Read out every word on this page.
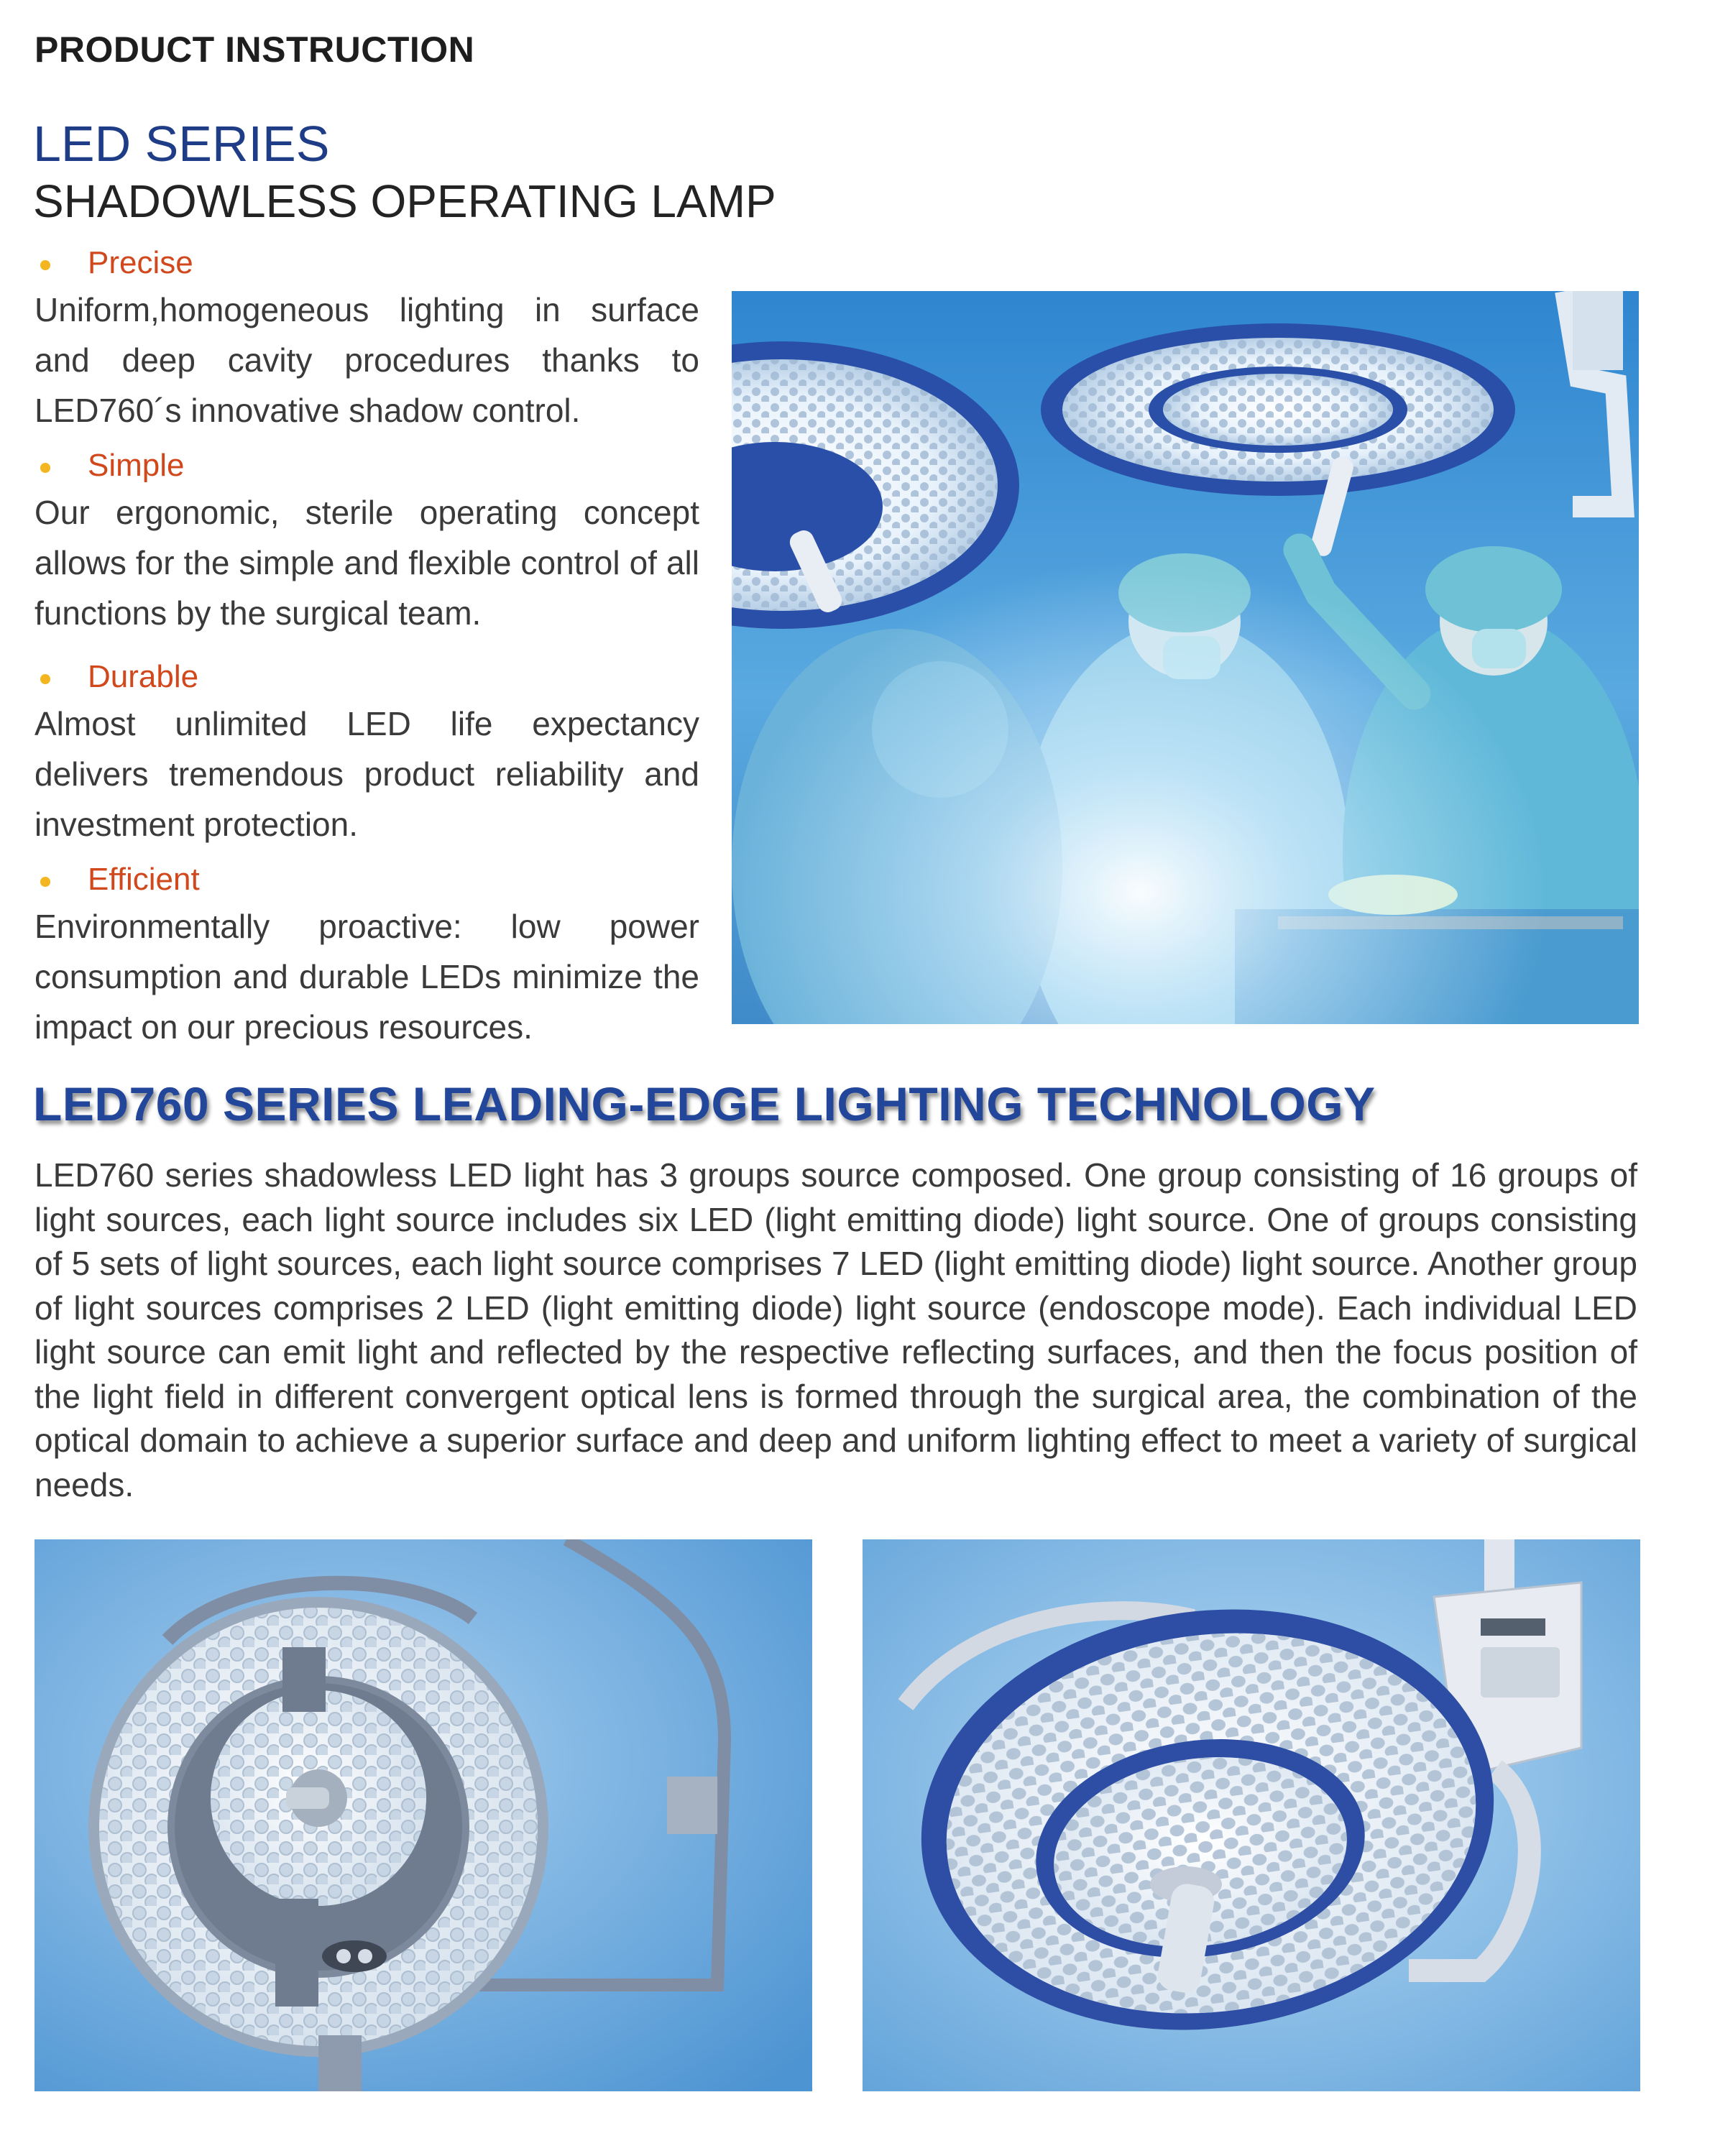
PRODUCT INSTRUCTION
LED SERIES
SHADOWLESS OPERATING LAMP
Precise
Uniform,homogeneous lighting in surface and deep cavity procedures thanks to LED760´s innovative shadow control.
Simple
Our ergonomic, sterile operating concept allows for the simple and flexible control of all functions by the surgical team.
Durable
Almost unlimited LED life expectancy delivers tremendous product reliability and investment protection.
Efficient
Environmentally proactive: low power consumption and durable LEDs minimize the impact on our precious resources.
LED760 SERIES LEADING-EDGE LIGHTING TECHNOLOGY
LED760 series shadowless LED light has 3 groups source composed. One group consisting of 16 groups of light sources, each light source includes six LED (light emitting diode) light source. One of groups consisting of 5 sets of light sources, each light source comprises 7 LED (light emitting diode) light source. Another group of light sources comprises 2 LED (light emitting diode) light source (endoscope mode). Each individual LED light source can emit light and reflected by the respective reflecting surfaces, and then the focus position of the light field in different convergent optical lens is formed through the surgical area, the combination of the optical domain to achieve a superior surface and deep and uniform lighting effect to meet a variety of surgical needs.
